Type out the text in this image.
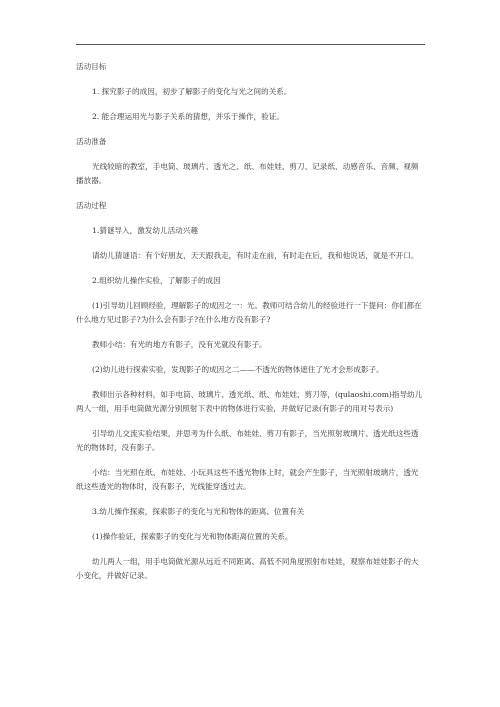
活动目标

1. 探究影子的成因，初步了解影子的变化与光之间的关系。

2. 能合理运用光与影子关系的猜想，并乐于操作，验证。

活动准备

光线较暗的教室，手电筒、玻璃片、透光之、纸、布娃娃、剪刀、记录纸、动感音乐、音频、视频播放器。

活动过程

1.猜谜导入，激发幼儿活动兴趣

请幼儿猜谜语：有个好朋友，天天跟我走，有时走在前，有时走在后，我和他说话，就是不开口。

2.组织幼儿操作实验，了解影子的成因

(1)引导幼儿回顾经验，理解影子的成因之一：光。教师可结合幼儿的经验进行一下提问：你们都在什么地方见过影子?为什么会有影子?在什么地方没有影子?

教师小结：有光的地方有影子，没有光就没有影子。

(2)幼儿进行探索实验，发现影子的成因之二——不透光的物体遮住了光才会形成影子。

教师出示各种材料，如手电筒、玻璃片、透光纸、纸、布娃娃、剪刀等，(qulaoshi.com)指导幼儿两人一组，用手电筒做光源分别照射下表中的物体进行实验，并做好记录(有影子的用对号表示)

引导幼儿交流实验结果，并思考为什么纸、布娃娃、剪刀有影子，当光照射玻璃片、透光纸这些透光的物体时，没有影子。

小结：当光照在纸、布娃娃、小玩具这些不透光物体上时，就会产生影子，当光照射玻璃片，透光纸这些透光的物体时，没有影子，光线能穿透过去。

3.幼儿操作探索，探索影子的变化与光和物体的距离、位置有关

(1)操作验证，探索影子的变化与光和物体距离位置的关系。

幼儿两人一组，用手电筒做光源从远近不同距离、高低不同角度照射布娃娃，观察布娃娃影子的大小变化，并做好记录。
